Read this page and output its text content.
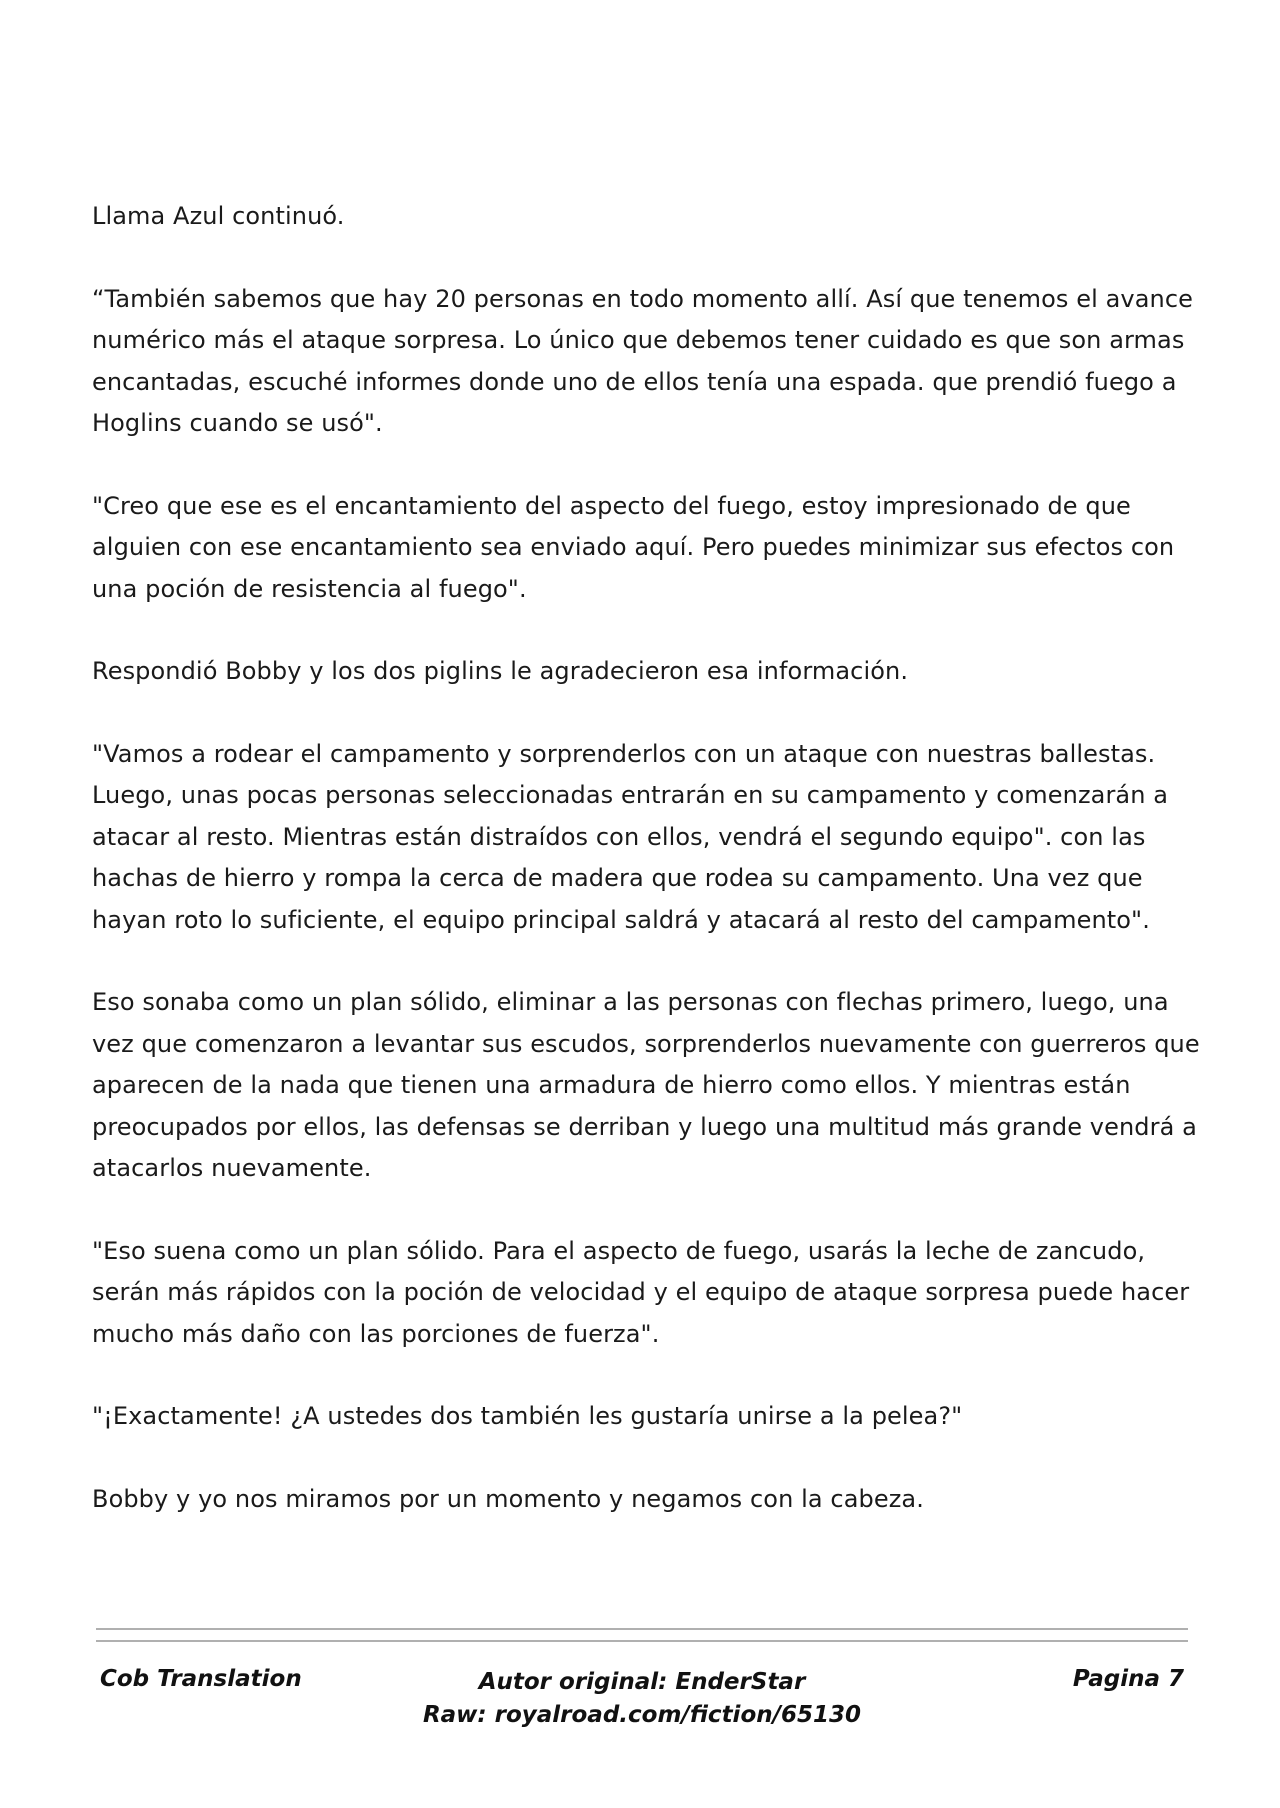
Llama Azul continuó.

“También sabemos que hay 20 personas en todo momento allí. Así que tenemos el avance numérico más el ataque sorpresa. Lo único que debemos tener cuidado es que son armas encantadas, escuché informes donde uno de ellos tenía una espada. que prendió fuego a Hoglins cuando se usó".

"Creo que ese es el encantamiento del aspecto del fuego, estoy impresionado de que alguien con ese encantamiento sea enviado aquí. Pero puedes minimizar sus efectos con una poción de resistencia al fuego".

Respondió Bobby y los dos piglins le agradecieron esa información.

"Vamos a rodear el campamento y sorprenderlos con un ataque con nuestras ballestas. Luego, unas pocas personas seleccionadas entrarán en su campamento y comenzarán a atacar al resto. Mientras están distraídos con ellos, vendrá el segundo equipo". con las hachas de hierro y rompa la cerca de madera que rodea su campamento. Una vez que hayan roto lo suficiente, el equipo principal saldrá y atacará al resto del campamento".

Eso sonaba como un plan sólido, eliminar a las personas con flechas primero, luego, una vez que comenzaron a levantar sus escudos, sorprenderlos nuevamente con guerreros que aparecen de la nada que tienen una armadura de hierro como ellos. Y mientras están preocupados por ellos, las defensas se derriban y luego una multitud más grande vendrá a atacarlos nuevamente.

"Eso suena como un plan sólido. Para el aspecto de fuego, usarás la leche de zancudo, serán más rápidos con la poción de velocidad y el equipo de ataque sorpresa puede hacer mucho más daño con las porciones de fuerza".

"¡Exactamente! ¿A ustedes dos también les gustaría unirse a la pelea?"

Bobby y yo nos miramos por un momento y negamos con la cabeza.

Cob Translation	Autor original: EnderStar
Raw: royalroad.com/fiction/65130
Pagina 7
